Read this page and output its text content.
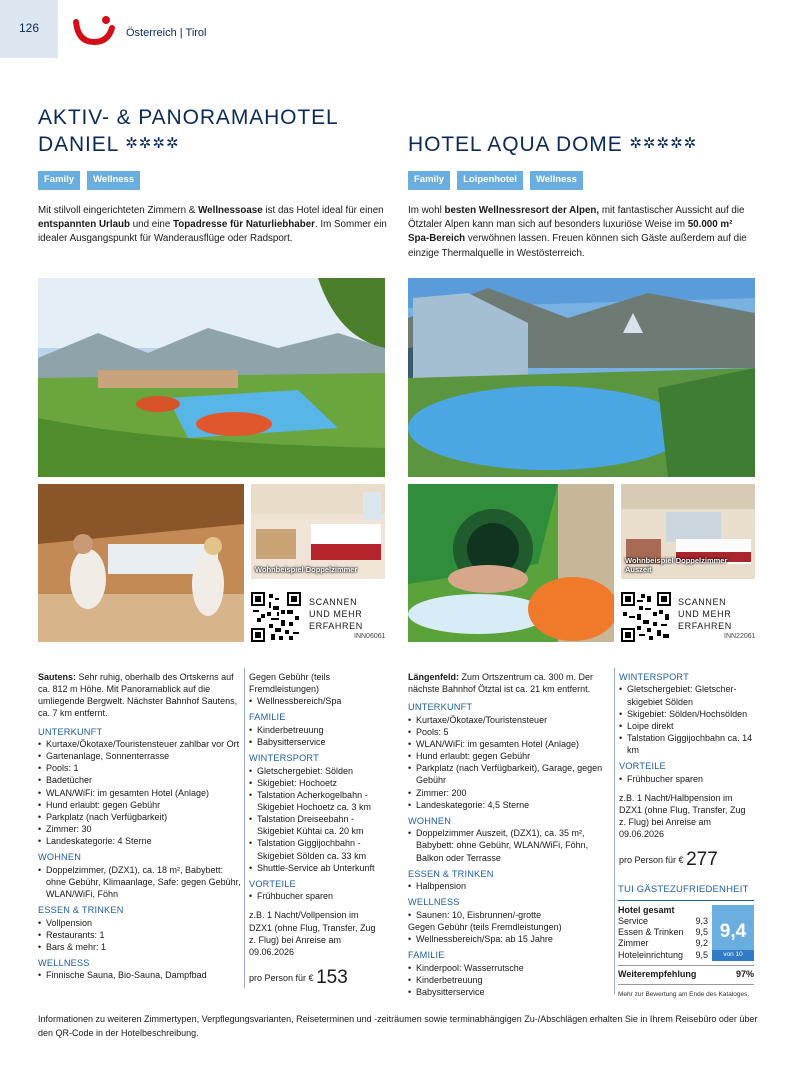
126	Österreich | Tirol
AKTIV- & PANORAMAHOTEL
DANIEL ✲✲✲✲
Family	Wellness
Mit stilvoll eingerichteten Zimmern & Wellnessoase ist das Hotel ideal für einen entspannten Urlaub und eine Topadresse für Naturliebhaber. Im Sommer ein idealer Ausgangspunkt für Wanderausflüge oder Radsport.
HOTEL AQUA DOME ✲✲✲✲✲
Family	Loipenhotel	Wellness
Im wohl besten Wellnessresort der Alpen, mit fantastischer Aussicht auf die Ötztaler Alpen kann man sich auf besonders luxuriöse Weise im 50.000 m² Spa-Bereich verwöhnen lassen. Freuen können sich Gäste außerdem auf die einzige Thermalquelle in Westösterreich.
Wohnbeispiel Doppelzimmer
SCANNEN
UND MEHR
ERFAHREN
INN06061
Wohnbeispiel Doppelzimmer Auszeit
SCANNEN
UND MEHR
ERFAHREN
INN22061

Sautens: Sehr ruhig, oberhalb des Ortskerns auf ca. 812 m Höhe. Mit Panoramablick auf die umliegende Bergwelt. Nächster Bahnhof Sautens, ca. 7 km entfernt.

UNTERKUNFT
• Kurtaxe/Ökotaxe/Touristensteuer zahlbar vor Ort
• Gartenanlage, Sonnenterrasse
• Pools: 1
• Badetücher
• WLAN/WiFi: im gesamten Hotel (Anlage)
• Hund erlaubt: gegen Gebühr
• Parkplatz (nach Verfügbarkeit)
• Zimmer: 30
• Landeskategorie: 4 Sterne
WOHNEN
• Doppelzimmer, (DZX1), ca. 18 m², Babybett: ohne Gebühr, Klimaanlage, Safe: gegen Gebühr, WLAN/WiFi, Föhn
ESSEN & TRINKEN
• Vollpension
• Restaurants: 1
• Bars & mehr: 1
WELLNESS
• Finnische Sauna, Bio-Sauna, Dampfbad
Gegen Gebühr (teils Fremdleistungen)
• Wellnessbereich/Spa
FAMILIE
• Kinderbetreuung
• Babysitterservice
WINTERSPORT
• Gletschergebiet: Sölden
• Skigebiet: Hochoetz
• Talstation Acherkogelbahn - Skigebiet Hochoetz ca. 3 km
• Talstation Dreiseebahn - Skigebiet Kühtai ca. 20 km
• Talstation Giggijochbahn - Skigebiet Sölden ca. 33 km
• Shuttle-Service ab Unterkunft
VORTEILE
• Frühbucher sparen
z.B. 1 Nacht/Vollpension im DZX1 (ohne Flug, Transfer, Zug z. Flug) bei Anreise am 09.06.2026
pro Person für € 153

Längenfeld: Zum Ortszentrum ca. 300 m. Der nächste Bahnhof Ötztal ist ca. 21 km entfernt.

UNTERKUNFT
• Kurtaxe/Ökotaxe/Touristensteuer
• Pools: 5
• WLAN/WiFi: im gesamten Hotel (Anlage)
• Hund erlaubt: gegen Gebühr
• Parkplatz (nach Verfügbarkeit), Garage, gegen Gebühr
• Zimmer: 200
• Landeskategorie: 4,5 Sterne
WOHNEN
• Doppelzimmer Auszeit, (DZX1), ca. 35 m², Babybett: ohne Gebühr, WLAN/WiFi, Föhn, Balkon oder Terrasse
ESSEN & TRINKEN
• Halbpension
WELLNESS
• Saunen: 10, Eisbrunnen/-grotte
Gegen Gebühr (teils Fremdleistungen)
• Wellnessbereich/Spa: ab 15 Jahre
FAMILIE
• Kinderpool: Wasserrutsche
• Kinderbetreuung
• Babysitterservice
WINTERSPORT
• Gletschergebiet: Gletscher-skigebiet Sölden
• Skigebiet: Sölden/Hochsölden
• Loipe direkt
• Talstation Giggijochbahn ca. 14 km
VORTEILE
• Frühbucher sparen
z.B. 1 Nacht/Halbpension im DZX1 (ohne Flug, Transfer, Zug z. Flug) bei Anreise am 09.06.2026
pro Person für € 277
TUI GÄSTEZUFRIEDENHEIT
Hotel gesamt
Service	9,3
Essen & Trinken 9,5
Zimmer	9,2
Hoteleinrichtung 9,5
9,4
von 10
Weiterempfehlung	97%
Mehr zur Bewertung am Ende des Kataloges.
Informationen zu weiteren Zimmertypen, Verpflegungsvarianten, Reiseterminen und -zeiträumen sowie terminabhängigen Zu-/Abschlägen erhalten Sie in Ihrem Reisebüro oder über den QR-Code in der Hotelbeschreibung.
